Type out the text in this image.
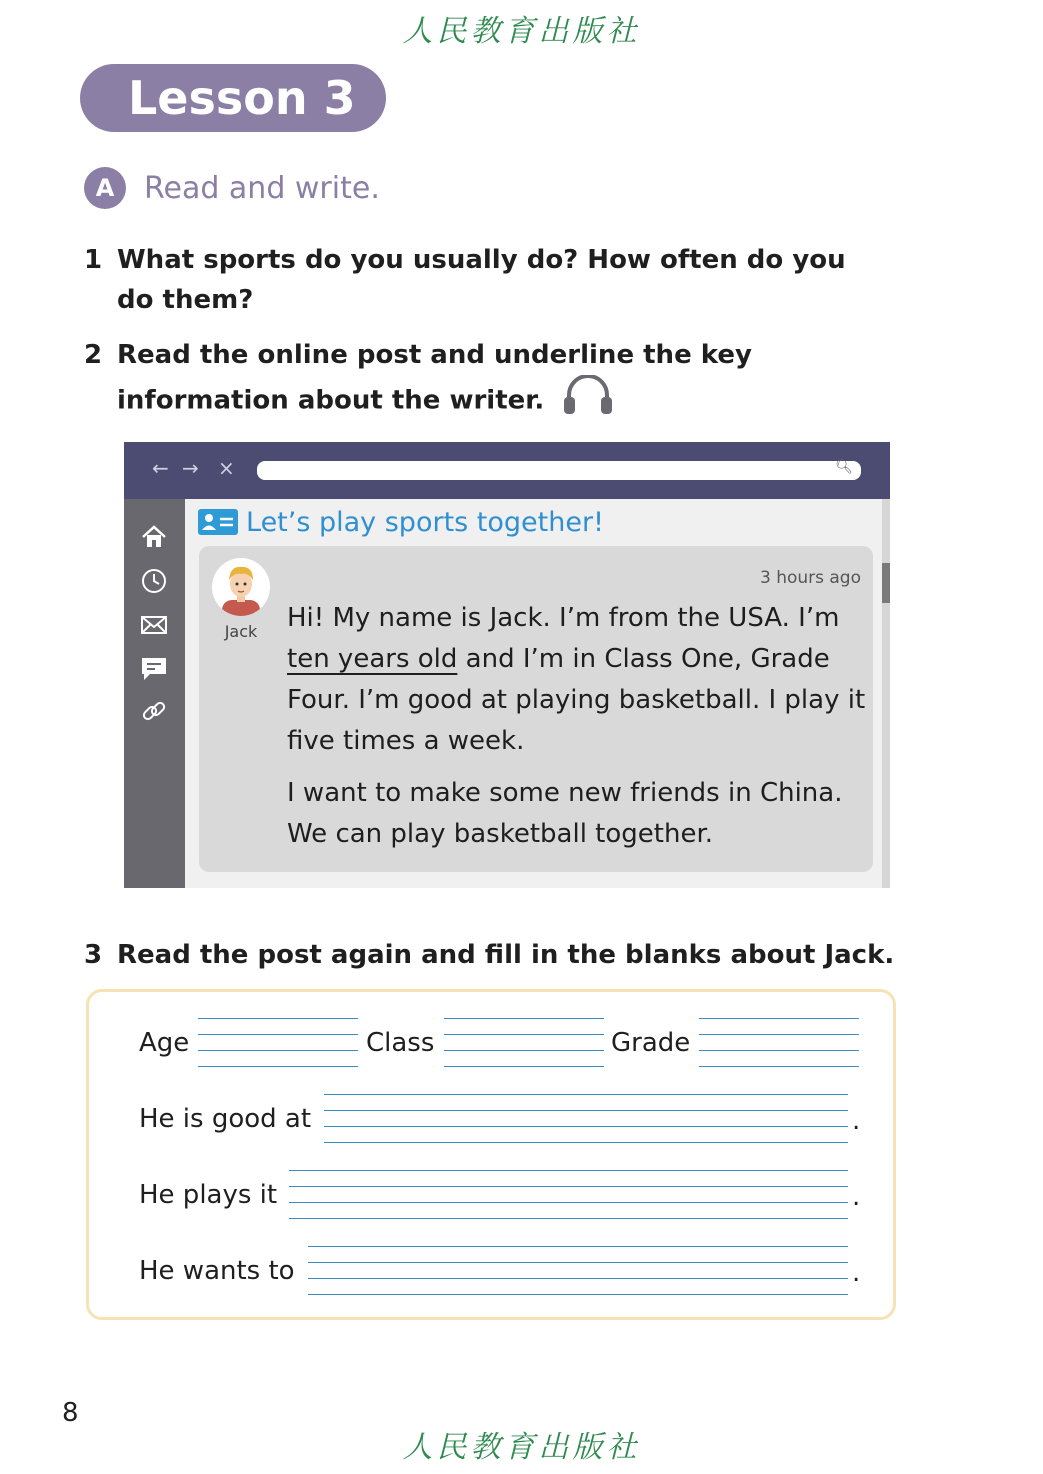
人民教育出版社
Lesson 3
A Read and write.
1 What sports do you usually do? How often do you do them?
2 Read the online post and underline the key information about the writer.
← → ×	🔍︎
Let’s play sports together!
Jack
3 hours ago

Hi! My name is Jack. I’m from the USA. I’m ten years old and I’m in Class One, Grade Four. I’m good at playing basketball. I play it five times a week.

I want to make some new friends in China. We can play basketball together.

3 Read the post again and fill in the blanks about Jack.
Age	Class	Grade
He is good at	.
He plays it	.
He wants to	.
8
人民教育出版社
